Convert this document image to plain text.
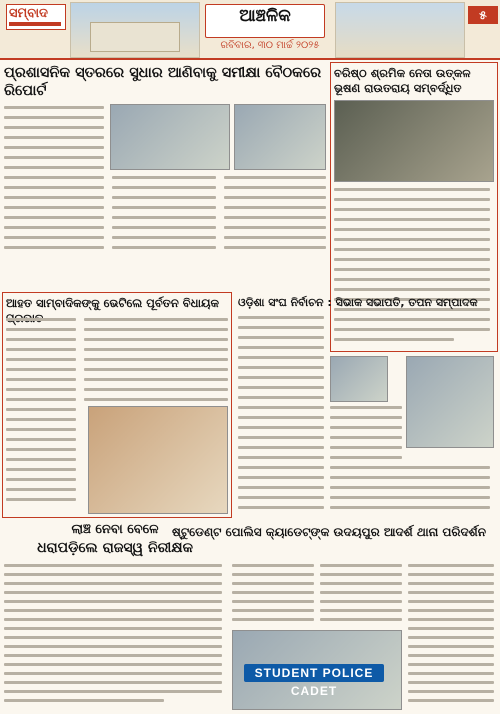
ସମ୍ବାଦ	ଆଞ୍ଚଳିକ
ରବିବାର, ୩୦ ମାର୍ଚ୍ଚ ୨୦୨୫
୫
ପ୍ରଶାସନିକ ସ୍ତରରେ ସୁଧାର ଆଣିବାକୁ ସମୀକ୍ଷା ବୈଠକରେ ରିପୋର୍ଟ
ବରିଷ୍ଠ ଶ୍ରମିକ ନେତା ଉତ୍କଳ ଭୂଷଣ ରାଉତରାୟ ସମ୍ବର୍ଦ୍ଧିତ
ଆହତ ସାମ୍ବାଦିକଙ୍କୁ ଭେଟିଲେ ପୂର୍ବତନ ବିଧାୟକ	ଓଡ଼ିଶା ସଂଘ ନିର୍ବାଚନ : ସିଭାକ ସଭାପତି, ତପନ ସମ୍ପାଦକ
ଲାଞ୍ଚ ନେବା ବେଳେ
ଧରାପଡ଼ିଲେ ରାଜସ୍ୱ ନିରୀକ୍ଷକ
ଷ୍ଟୁଡେଣ୍ଟ ପୋଲିସ କ୍ୟାଡେଟ୍‌ଙ୍କ ଉଦୟପୁର ଆଦର୍ଶ ଥାନା ପରିଦର୍ଶନ
STUDENT POLICE CADET
